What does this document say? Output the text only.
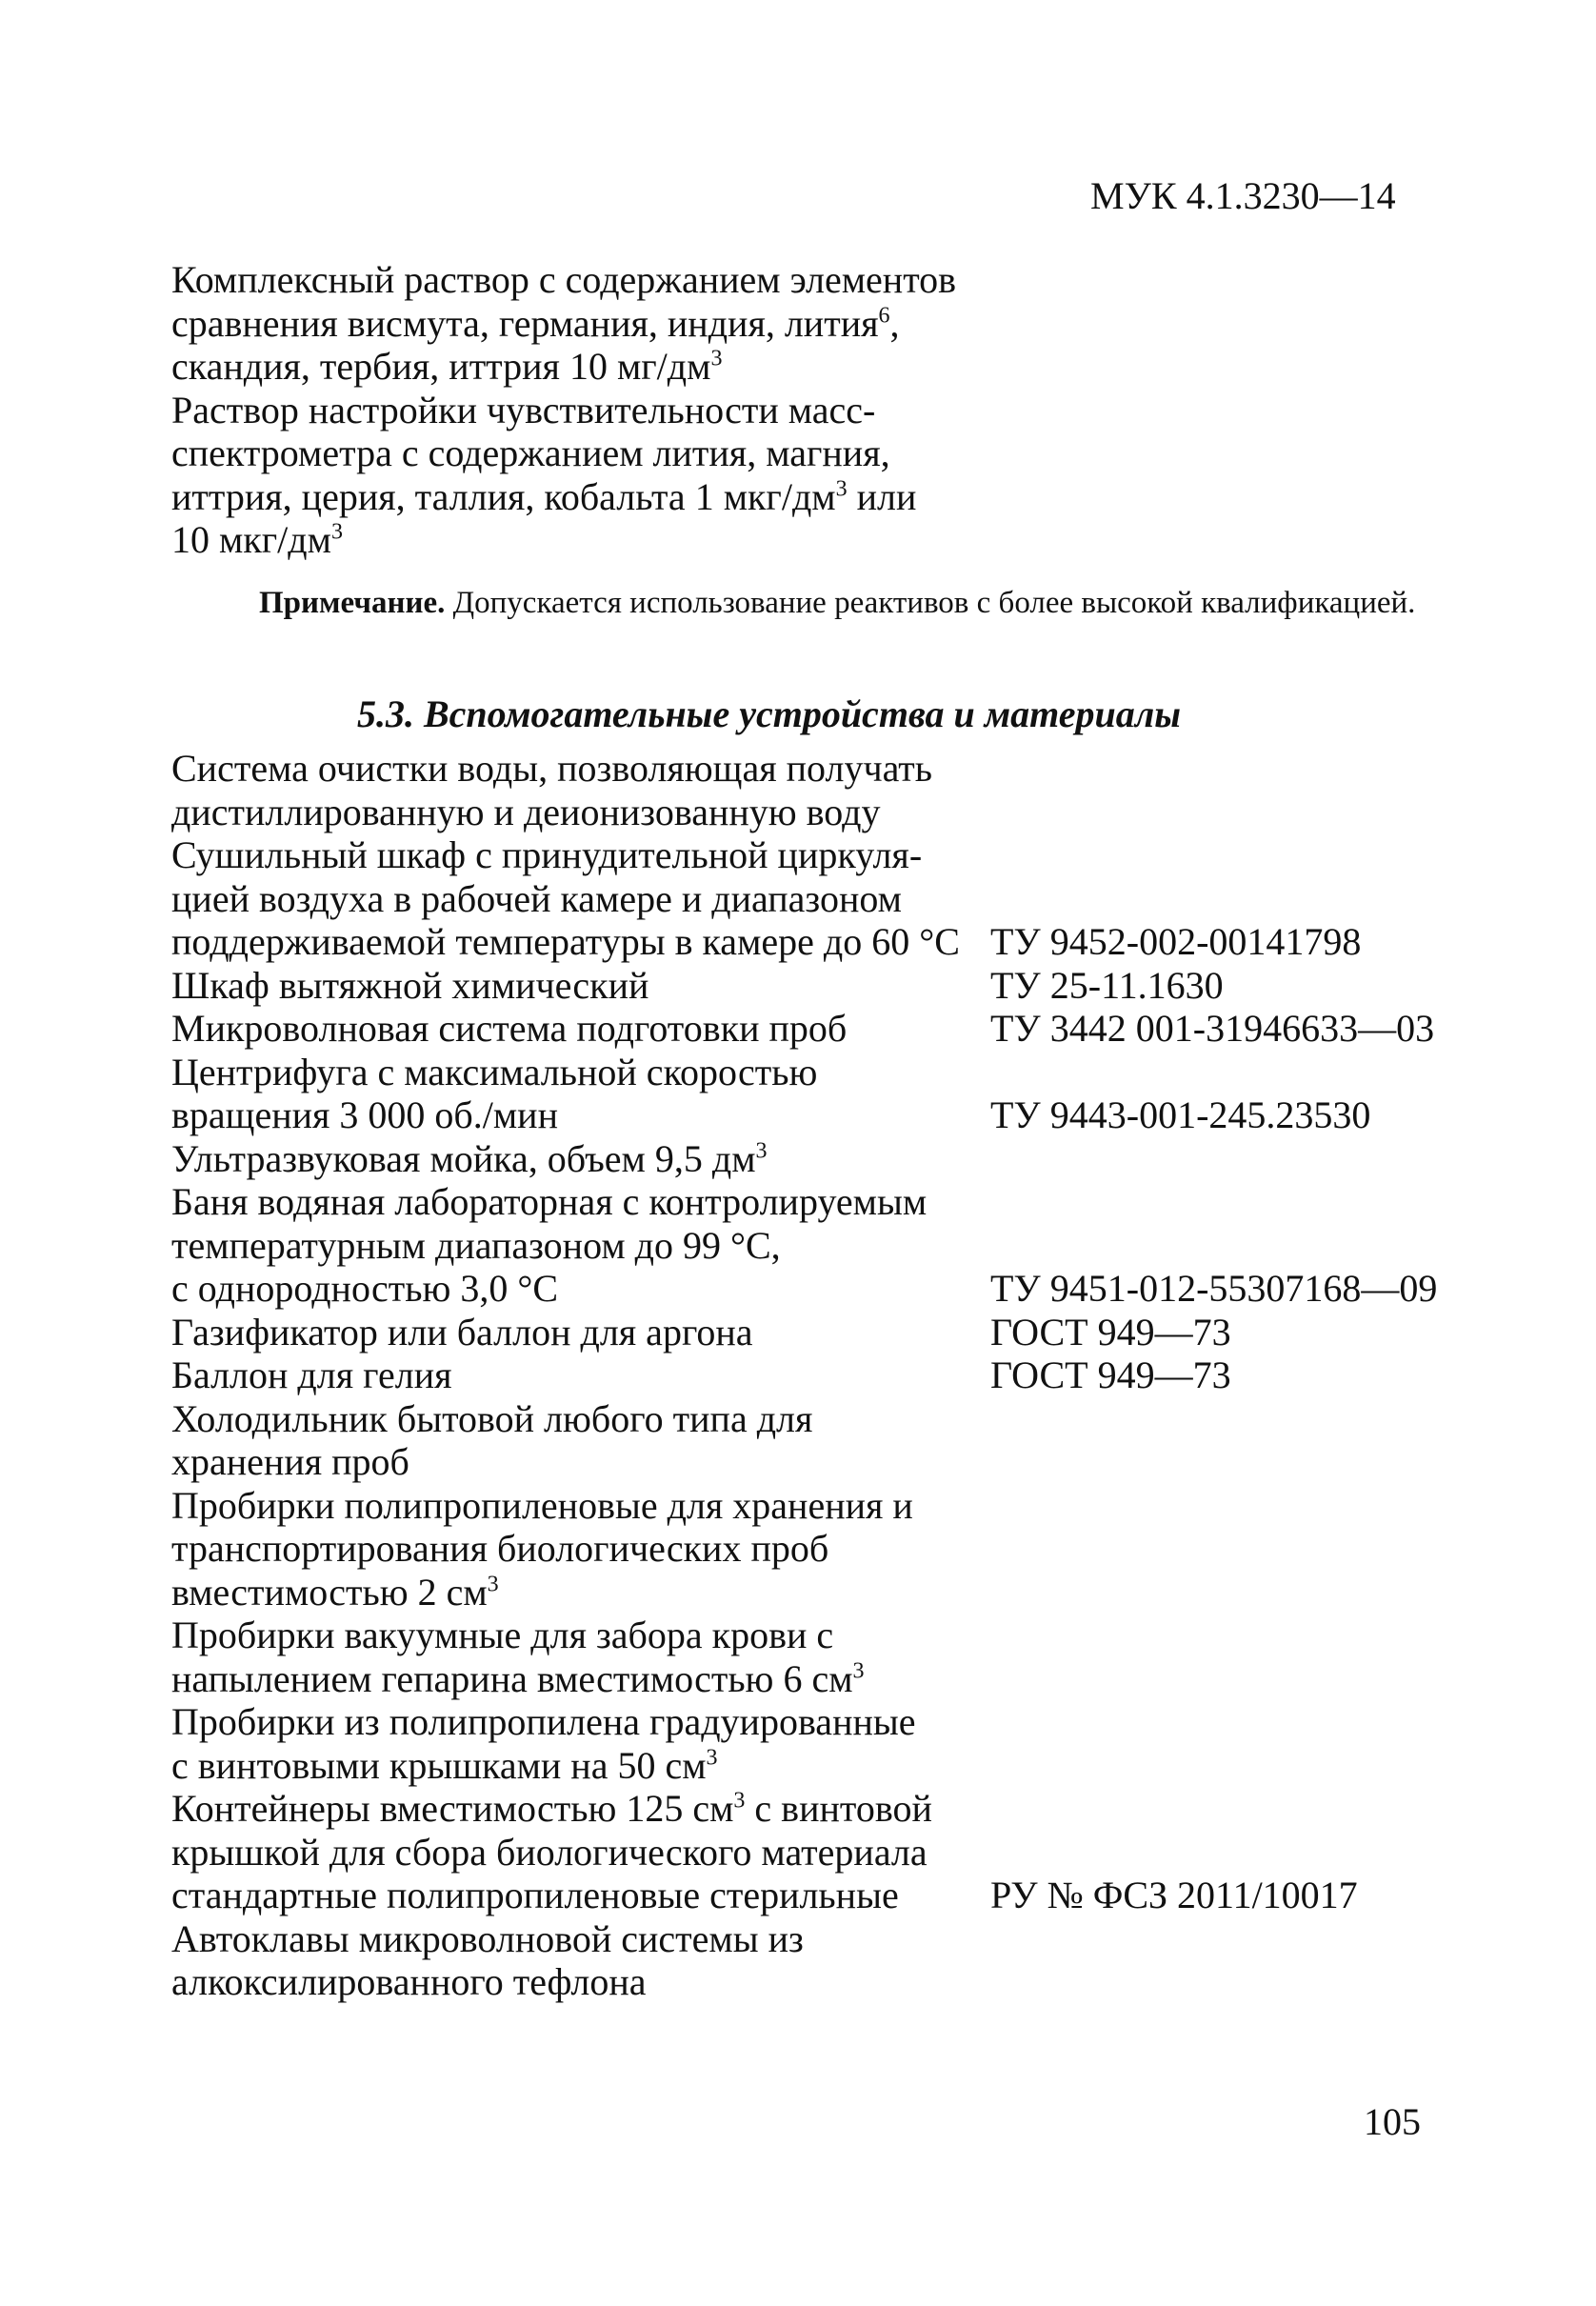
МУК 4.1.3230—14
Комплексный раствор с содержанием элементов
сравнения висмута, германия, индия, лития$^6$,
скандия, тербия, иттрия 10 $мг/дм^3$
Раствор настройки чувствительности масс-
спектрометра с содержанием лития, магния,
иттрия, церия, таллия, кобальта 1 мкг/$дм^3$ или
10 мкг/$дм^3$
Примечание. Допускается использование реактивов с более высокой квалификацией.
5.3. Вспомогательные устройства и материалы
Система очистки воды, позволяющая получать
дистиллированную и деионизованную воду
Сушильный шкаф с принудительной циркуля-
цией воздуха в рабочей камере и диапазоном
поддерживаемой температуры в камере до 60 °С ТУ 9452-002-00141798
Шкаф вытяжной химический	ТУ 25-11.1630
Микроволновая система подготовки проб	ТУ 3442 001-31946633—03
Центрифуга с максимальной скоростью
вращения 3 000 об./мин	ТУ 9443-001-245.23530
Ультразвуковая мойка, объем 9,5 $дм^3$
Баня водяная лабораторная с контролируемым
температурным диапазоном до 99 °С,
с однородностью 3,0 °С	ТУ 9451-012-55307168—09
Газификатор или баллон для аргона	ГОСТ 949—73
Баллон для гелия	ГОСТ 949—73
Холодильник бытовой любого типа для
хранения проб
Пробирки полипропиленовые для хранения и
транспортирования биологических проб
вместимостью 2 $см^3$
Пробирки вакуумные для забора крови с
напылением гепарина вместимостью 6 $см^3$
Пробирки из полипропилена градуированные
с винтовыми крышками на 50 $см^3$
Контейнеры вместимостью 125 $см^3$ с винтовой
крышкой для сбора биологического материала
стандартные полипропиленовые стерильные	РУ № ФСЗ 2011/10017
Автоклавы микроволновой системы из
алкоксилированного тефлона
105
